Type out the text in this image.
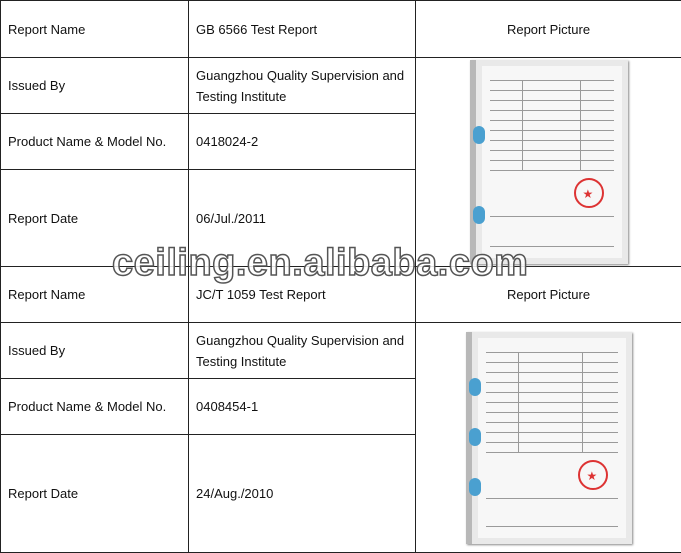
Report Name	GB 6566 Test Report	Report Picture
Issued By	Guangzhou Quality Supervision and Testing Institute	
★

Product Name & Model No.	0418024-2	
Report Date	06/Jul./2011	
Report Name	JC/T 1059 Test Report	Report Picture
Issued By	Guangzhou Quality Supervision and Testing Institute	
★

Product Name & Model No.	0408454-1	
Report Date	24/Aug./2010	
ceiling.en.alibaba.com
